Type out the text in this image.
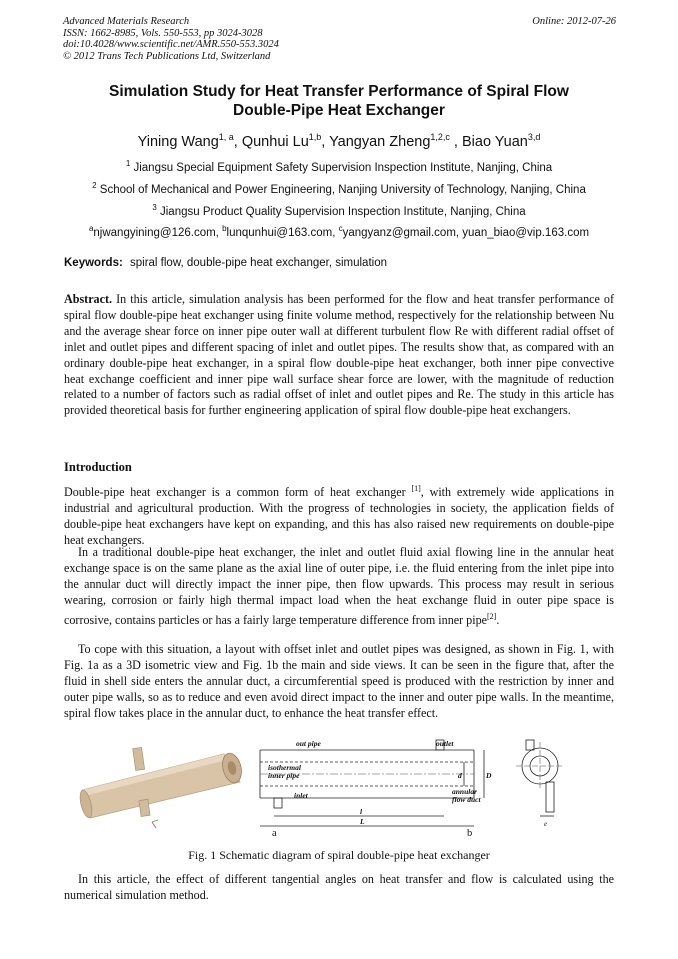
Advanced Materials Research
ISSN: 1662-8985, Vols. 550-553, pp 3024-3028
doi:10.4028/www.scientific.net/AMR.550-553.3024
© 2012 Trans Tech Publications Ltd, Switzerland
Online: 2012-07-26
Simulation Study for Heat Transfer Performance of Spiral Flow
Double-Pipe Heat Exchanger
Yining Wang$^{1, a}$, Qunhui Lu$^{1,b}$, Yangyan Zheng$^{1,2,c}$ , Biao Yuan$^{3,d}$
$^1$ Jiangsu Special Equipment Safety Supervision Inspection Institute, Nanjing, China
$^2$ School of Mechanical and Power Engineering, Nanjing University of Technology, Nanjing, China
$^3$ Jiangsu Product Quality Supervision Inspection Institute, Nanjing, China
$^a$njwangyining@126.com, $^b$lunqunhui@163.com, $^c$yangyanz@gmail.com, yuan_biao@vip.163.com
Keywords: spiral flow, double-pipe heat exchanger, simulation
Abstract. In this article, simulation analysis has been performed for the flow and heat transfer performance of spiral flow double-pipe heat exchanger using finite volume method, respectively for the relationship between Nu and the average shear force on inner pipe outer wall at different turbulent flow Re with different radial offset of inlet and outlet pipes and different spacing of inlet and outlet pipes. The results show that, as compared with an ordinary double-pipe heat exchanger, in a spiral flow double-pipe heat exchanger, both inner pipe convective heat exchange coefficient and inner pipe wall surface shear force are lower, with the magnitude of reduction related to a number of factors such as radial offset of inlet and outlet pipes and Re. The study in this article has provided theoretical basis for further engineering application of spiral flow double-pipe heat exchangers.
Introduction
Double-pipe heat exchanger is a common form of heat exchanger [1], with extremely wide applications in industrial and agricultural production. With the progress of technologies in society, the application fields of double-pipe heat exchangers have kept on expanding, and this has also raised new requirements on double-pipe heat exchangers.
In a traditional double-pipe heat exchanger, the inlet and outlet fluid axial flowing line in the annular heat exchange space is on the same plane as the axial line of outer pipe, i.e. the fluid entering from the inlet pipe into the annular duct will directly impact the inner pipe, then flow upwards. This process may result in serious wearing, corrosion or fairly high thermal impact load when the heat exchange fluid in outer pipe space is corrosive, contains particles or has a fairly large temperature difference from inner pipe[2].
To cope with this situation, a layout with offset inlet and outlet pipes was designed, as shown in Fig. 1, with Fig. 1a as a 3D isometric view and Fig. 1b the main and side views. It can be seen in the figure that, after the fluid in shell side enters the annular duct, a circumferential speed is produced with the restriction by inner and outer pipe walls, so as to reduce and even avoid direct impact to the inner and outer pipe walls. In the meantime, spiral flow takes place in the annular duct, to enhance the heat transfer effect.
out pipe	outlet
isothermal
inner pipe
inlet	annular
flow duct
d	D
l
L	e
a	b
Fig. 1 Schematic diagram of spiral double-pipe heat exchanger
In this article, the effect of different tangential angles on heat transfer and flow is calculated using the numerical simulation method.
